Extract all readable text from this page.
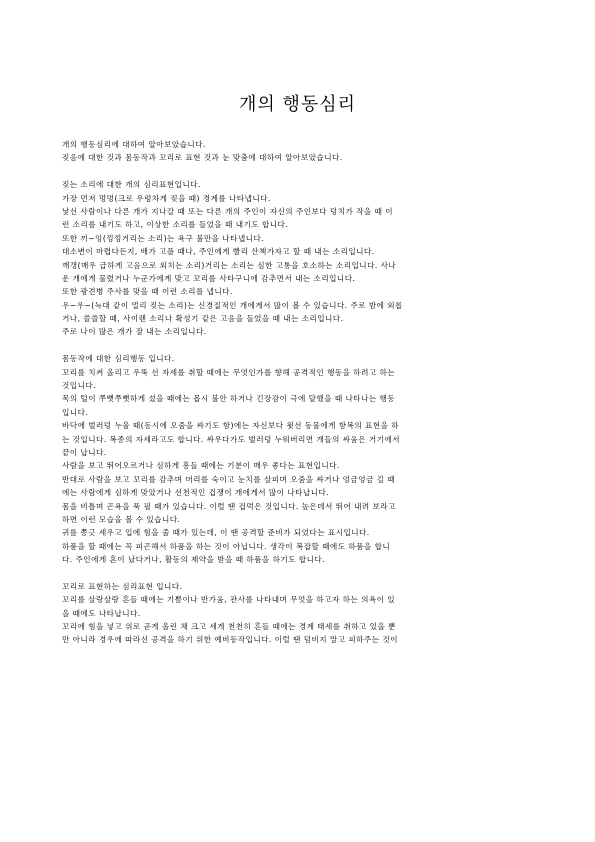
개의 행동심리
개의 행동심리에 대하여 알아보았습니다.
짖음에 대한 것과 몸동작과 꼬리로 표현 것과 눈 맞춤에 대하여 알아보았습니다.
짖는 소리에 대한 개의 심리표현입니다.
가장 먼저 멍멍(크로 우렁차게 짖을 때) 경계를 나타냅니다.
낯선 사람이나 다른 개가 지나갈 때 또는 다른 개의 주인이 자신의 주인보다 덩치가 작을 때 이
런 소리를 내기도 하고, 이상한 소리를 들었을 때 내기도 합니다.
또한 끼~잉(낑낑거리는 소리)는 욕구 불만을 나타냅니다.
대소변이 마렵다든지, 배가 고플 때나, 주인에게 빨리 산책가자고 할 때 내는 소리입니다.
깨갱(매우 급하게 고음으로 외치는 소리)거리는 소리는 심한 고통을 호소하는 소리입니다. 사나
운 개에게 물렸거나 누군가에게 맞고 꼬리를 사타구니에 감추면서 내는 소리입니다.
또한 광견병 주사를 맞을 때 이런 소리를 냅니다.
우~우~(늑대 같이 멀리 짖는 소리)는 신경질적인 개에게서 많이 볼 수 있습니다. 주로 밤에 외롭
거나, 쓸쓸할 때, 사이렌 소리나 확성기 같은 고음을 들었을 때 내는 소리입니다.
주로 나이 많은 개가 잘 내는 소리입니다.
몸동작에 대한 심리행동 입니다.
꼬리를 치켜 올리고 우뚝 선 자세를 취할 때에는 무엇인가를 향해 공격적인 행동을 하려고 하는
것입니다.
목의 털이 쭈뼛쭈뼛하게 섰을 때에는 몹시 불안 하거나 긴장감이 극에 달했을 때 나타나는 행동
입니다.
바닥에 벌러덩 누울 때(동시에 오줌을 싸기도 함)에는 자신보다 윗선 동물에게 항복의 표현을 하
는 것입니다. 복종의 자세라고도 합니다. 싸우다가도 벌러덩 누워버리면 개들의 싸움은 거기에서
끝이 납니다.
사람을 보고 뛰어오르거나 심하게 흥들 때에는 기분이 매우 좋다는 표현입니다.
반대로 사람을 보고 꼬리를 감추며 머리를 숙이고 눈치를 살피며 오줌을 싸거나 엉금엉금 길 때
에는 사람에게 심하게 맞았거나 선천적인 겁쟁이 개에게서 많이 나타납니다.
몸을 비틀며 곤욕을 푹 필 때가 있습니다. 이럴 땐 겁먹은 것입니다. 높은데서 뛰어 내려 보라고
하면 이런 모습을 볼 수 있습니다.
귀를 쫑긋 세우고 입에 힘을 줄 때가 있는데, 이 땐 공격할 준비가 되었다는 표시입니다.
하품을 할 때에는 꼭 피곤해서 하품을 하는 것이 아닙니다. 생각이 복잡할 때에도 하품을 합니
다. 주인에게 혼이 났다거나, 활동의 제약을 받을 때 하품을 하기도 합니다.
꼬리로 표현하는 심리표현 입니다.
꼬리를 살랑살랑 흔들 때에는 기쁨이나 반가움, 관사를 나타내며 무엇을 하고자 하는 의욕이 있
을 때에도 나타납니다.
꼬리에 힘을 넣고 위로 곧게 올린 채 크고 세게 천천히 흔들 때에는 경계 태세를 취하고 있을 뿐
만 아니라 경우에 따라선 공격을 하기 위한 예비동작입니다. 이럴 땐 덤비지 말고 피하주는 것이
